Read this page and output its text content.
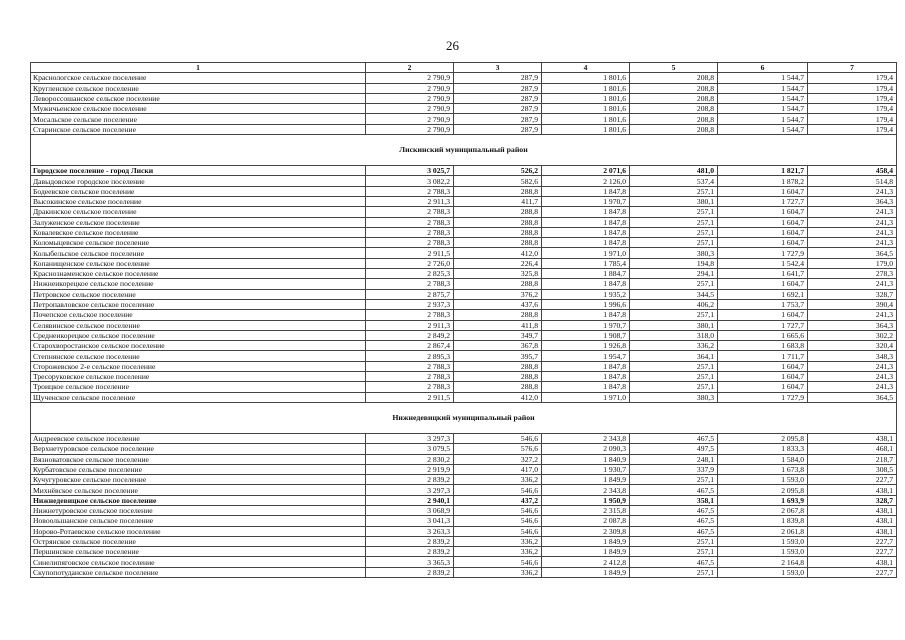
26
1	2	3	4	5	6	7
Краснологское сельское поселение	2 790,9	287,9	1 801,6	208,8	1 544,7	179,4
Кругленское сельское поселение	2 790,9	287,9	1 801,6	208,8	1 544,7	179,4
Левороссошанское сельское поселение	2 790,9	287,9	1 801,6	208,8	1 544,7	179,4
Мужичьенское сельское поселение	2 790,9	287,9	1 801,6	208,8	1 544,7	179,4
Мосальское сельское поселение	2 790,9	287,9	1 801,6	208,8	1 544,7	179,4
Старинское сельское поселение	2 790,9	287,9	1 801,6	208,8	1 544,7	179,4
Лискинский муниципальный район						
Городское поселение - город Лиски	3 025,7	526,2	2 071,6	481,0	1 821,7	458,4
Давыдовское городское поселение	3 082,2	582,6	2 126,0	537,4	1 878,2	514,8
Бодеевское сельское поселение	2 788,3	288,8	1 847,8	257,1	1 604,7	241,3
Высокинское сельское поселение	2 911,3	411,7	1 970,7	380,1	1 727,7	364,3
Дракинское сельское поселение	2 788,3	288,8	1 847,8	257,1	1 604,7	241,3
Залуженское сельское поселение	2 788,3	288,8	1 847,8	257,1	1 604,7	241,3
Ковалевское сельское поселение	2 788,3	288,8	1 847,8	257,1	1 604,7	241,3
Коломыцевское сельское поселение	2 788,3	288,8	1 847,8	257,1	1 604,7	241,3
Колыбельское сельское поселение	2 911,5	412,0	1 971,0	380,3	1 727,9	364,5
Копанищенское сельское поселение	2 726,0	226,4	1 785,4	194,8	1 542,4	179,0
Краснознаменское сельское поселение	2 825,3	325,8	1 884,7	294,1	1 641,7	278,3
Нижнеикорецкое сельское поселение	2 788,3	288,8	1 847,8	257,1	1 604,7	241,3
Петровское сельское поселение	2 875,7	376,2	1 935,2	344,5	1 692,1	328,7
Петропавловское сельское поселение	2 937,3	437,6	1 996,6	406,2	1 753,7	390,4
Почепское сельское поселение	2 788,3	288,8	1 847,8	257,1	1 604,7	241,3
Селявинское сельское поселение	2 911,3	411,8	1 970,7	380,1	1 727,7	364,3
Среднеикорецкое сельское поселение	2 849,2	349,7	1 908,7	318,0	1 665,6	302,2
Старохворостанское сельское поселение	2 867,4	367,8	1 926,8	336,2	1 683,8	320,4
Степнянское сельское поселение	2 895,3	395,7	1 954,7	364,1	1 711,7	348,3
Сторожевское 2-е сельское поселение	2 788,3	288,8	1 847,8	257,1	1 604,7	241,3
Тресоруковское сельское поселение	2 788,3	288,8	1 847,8	257,1	1 604,7	241,3
Троицкое сельское поселение	2 788,3	288,8	1 847,8	257,1	1 604,7	241,3
Щученское сельское поселение	2 911,5	412,0	1 971,0	380,3	1 727,9	364,5
Нижнедевицкий муниципальный район						
Андреевское сельское поселение	3 297,3	546,6	2 343,8	467,5	2 095,8	438,1
Верхнетуровское сельское поселение	3 079,5	576,6	2 090,3	497,5	1 833,3	468,1
Вязноватовское сельское поселение	2 830,2	327,2	1 840,9	248,1	1 584,0	218,7
Курбатовское сельское поселение	2 919,9	417,0	1 930,7	337,9	1 673,8	308,5
Кучугуровское сельское поселение	2 839,2	336,2	1 849,9	257,1	1 593,0	227,7
Михнёвское сельское поселение	3 297,3	546,6	2 343,8	467,5	2 095,8	438,1
Нижнедевицкое сельское поселение	2 940,1	437,2	1 950,9	358,1	1 693,9	328,7
Нижнетуровское сельское поселение	3 068,9	546,6	2 315,8	467,5	2 067,8	438,1
Новоольшанское сельское поселение	3 041,3	546,6	2 087,8	467,5	1 839,8	438,1
Норово-Ротаевское сельское поселение	3 263,3	546,6	2 309,8	467,5	2 061,8	438,1
Острянское сельское поселение	2 839,2	336,2	1 849,9	257,1	1 593,0	227,7
Першинское сельское поселение	2 839,2	336,2	1 849,9	257,1	1 593,0	227,7
Синелипяговское сельское поселение	3 365,3	546,6	2 412,8	467,5	2 164,8	438,1
Скупопотуданское сельское поселение	2 839,2	336,2	1 849,9	257,1	1 593,0	227,7
